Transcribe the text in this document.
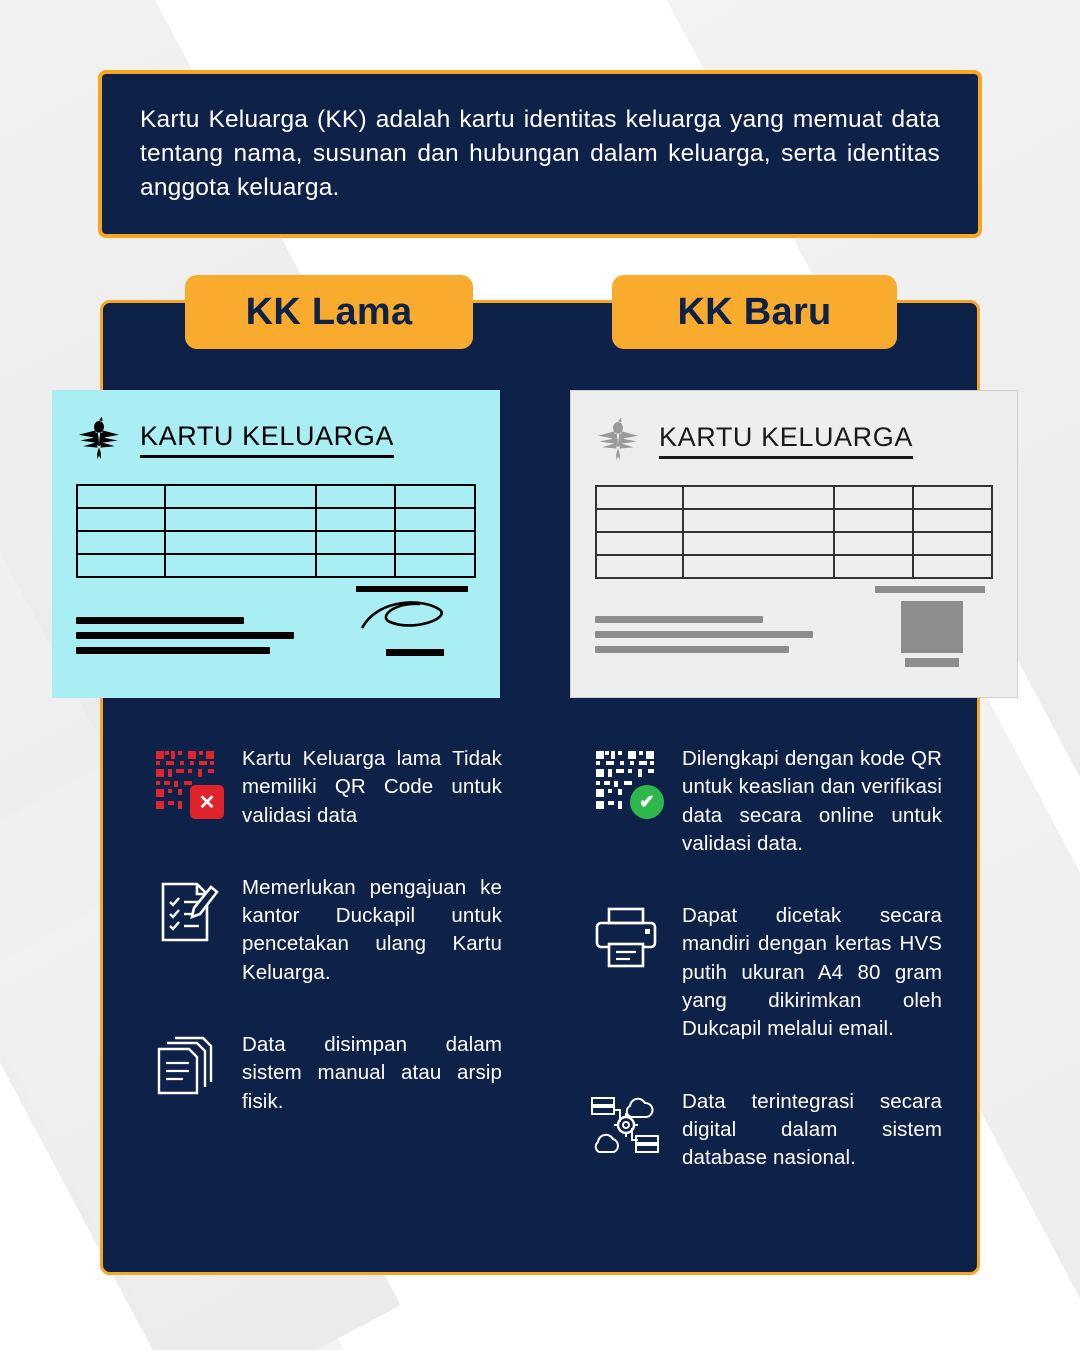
Kartu Keluarga (KK) adalah kartu identitas keluarga yang memuat data tentang nama, susunan dan hubungan dalam keluarga, serta identitas anggota keluarga.
KK Lama	KK Baru
KARTU KELUARGA

				KARTU KELUARGA

✕
Kartu Keluarga lama Tidak memiliki QR Code untuk validasi data
Memerlukan pengajuan ke kantor Duckapil untuk pencetakan ulang Kartu Keluarga.
Data disimpan dalam sistem manual atau arsip fisik.
✔
Dilengkapi dengan kode QR untuk keaslian dan verifikasi data secara online untuk validasi data.
Dapat dicetak secara mandiri dengan kertas HVS putih ukuran A4 80 gram yang dikirimkan oleh Dukcapil melalui email.
Data terintegrasi secara digital dalam sistem database nasional.
